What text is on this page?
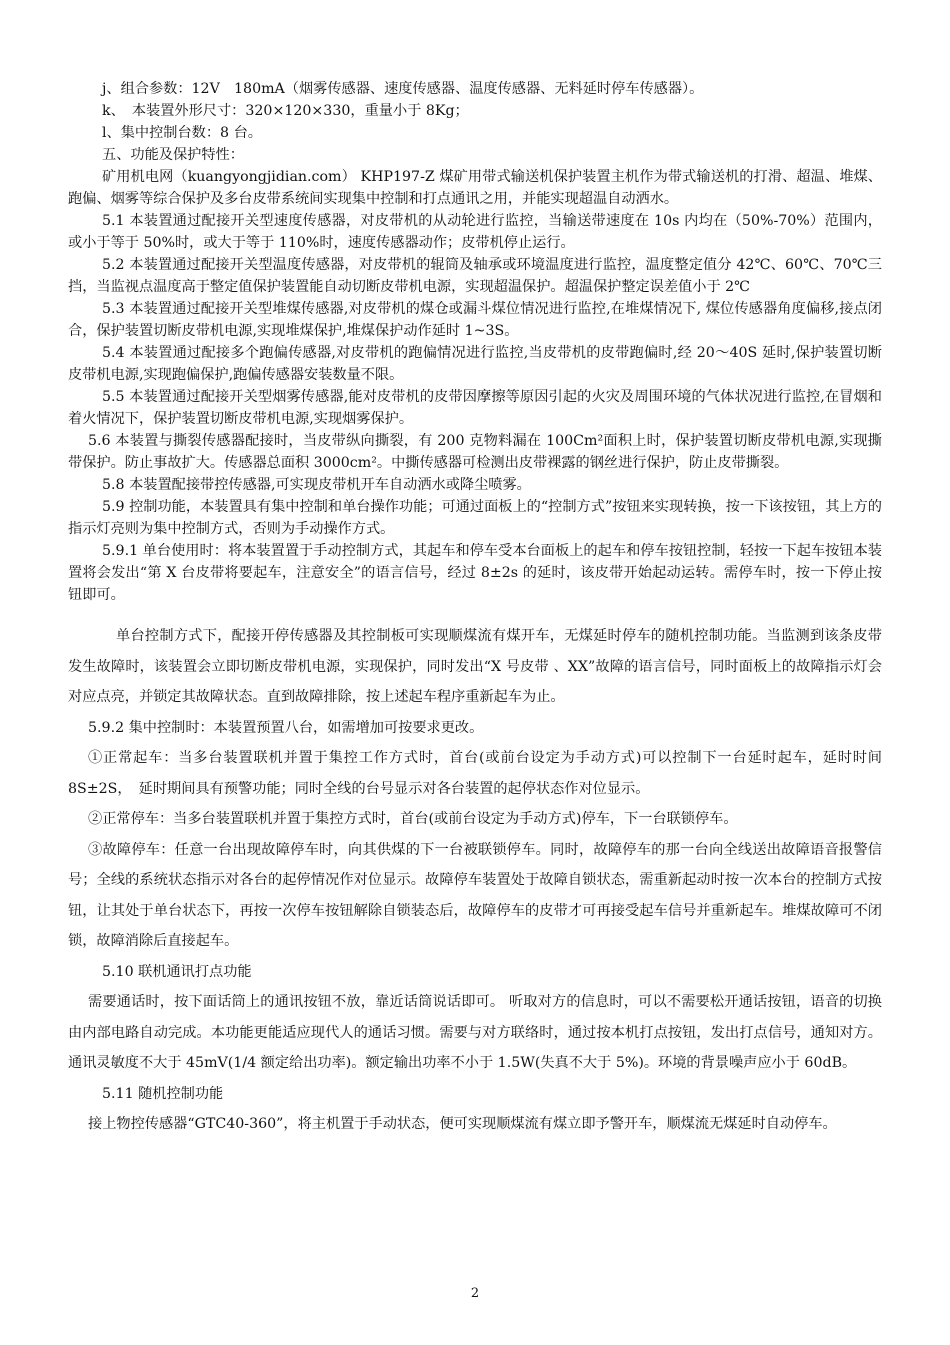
j、组合参数：12V　180mA（烟雾传感器、速度传感器、温度传感器、无料延时停车传感器）。

k、　本装置外形尺寸：320×120×330，重量小于 8Kg；

l、集中控制台数：8 台。

五、功能及保护特性：

矿用机电网（kuangyongjidian.com） KHP197-Z 煤矿用带式输送机保护装置主机作为带式输送机的打滑、超温、堆煤、跑偏、烟雾等综合保护及多台皮带系统间实现集中控制和打点通讯之用，并能实现超温自动洒水。

5.1 本装置通过配接开关型速度传感器，对皮带机的从动轮进行监控，当输送带速度在 10s 内均在（50%-70%）范围内，或小于等于 50%时，或大于等于 110%时，速度传感器动作；皮带机停止运行。

5.2 本装置通过配接开关型温度传感器，对皮带机的辊筒及轴承或环境温度进行监控，温度整定值分 42℃、60℃、70℃三挡，当监视点温度高于整定值保护装置能自动切断皮带机电源，实现超温保护。超温保护整定误差值小于 2℃

5.3 本装置通过配接开关型堆煤传感器,对皮带机的煤仓或漏斗煤位情况进行监控,在堆煤情况下, 煤位传感器角度偏移,接点闭合，保护装置切断皮带机电源,实现堆煤保护,堆煤保护动作延时 1~3S。

5.4 本装置通过配接多个跑偏传感器,对皮带机的跑偏情况进行监控,当皮带机的皮带跑偏时,经 20～40S 延时,保护装置切断皮带机电源,实现跑偏保护,跑偏传感器安装数量不限。

5.5 本装置通过配接开关型烟雾传感器,能对皮带机的皮带因摩擦等原因引起的火灾及周围环境的气体状况进行监控,在冒烟和着火情况下，保护装置切断皮带机电源,实现烟雾保护。

5.6 本装置与撕裂传感器配接时，当皮带纵向撕裂，有 200 克物料漏在 100Cm²面积上时，保护装置切断皮带机电源,实现撕带保护。防止事故扩大。传感器总面积 3000cm²。中撕传感器可检测出皮带裸露的钢丝进行保护，防止皮带撕裂。

5.8 本装置配接带控传感器,可实现皮带机开车自动洒水或降尘喷雾。

5.9 控制功能，本装置具有集中控制和单台操作功能；可通过面板上的“控制方式”按钮来实现转换，按一下该按钮，其上方的指示灯亮则为集中控制方式，否则为手动操作方式。

5.9.1 单台使用时：将本装置置于手动控制方式，其起车和停车受本台面板上的起车和停车按钮控制，轻按一下起车按钮本装置将会发出“第 X 台皮带将要起车，注意安全”的语言信号，经过 8±2s 的延时，该皮带开始起动运转。需停车时，按一下停止按钮即可。

单台控制方式下，配接开停传感器及其控制板可实现顺煤流有煤开车，无煤延时停车的随机控制功能。当监测到该条皮带发生故障时，该装置会立即切断皮带机电源，实现保护，同时发出“X 号皮带 、XX”故障的语言信号，同时面板上的故障指示灯会对应点亮，并锁定其故障状态。直到故障排除，按上述起车程序重新起车为止。

5.9.2 集中控制时：本装置预置八台，如需增加可按要求更改。

①正常起车：当多台装置联机并置于集控工作方式时，首台(或前台设定为手动方式)可以控制下一台延时起车，延时时间 8S±2S，　延时期间具有预警功能；同时全线的台号显示对各台装置的起停状态作对位显示。

②正常停车：当多台装置联机并置于集控方式时，首台(或前台设定为手动方式)停车，下一台联锁停车。

③故障停车：任意一台出现故障停车时，向其供煤的下一台被联锁停车。同时，故障停车的那一台向全线送出故障语音报警信号；全线的系统状态指示对各台的起停情况作对位显示。故障停车装置处于故障自锁状态，需重新起动时按一次本台的控制方式按钮，让其处于单台状态下，再按一次停车按钮解除自锁装态后，故障停车的皮带才可再接受起车信号并重新起车。堆煤故障可不闭锁，故障消除后直接起车。

5.10 联机通讯打点功能

需要通话时，按下面话筒上的通讯按钮不放，靠近话筒说话即可。 听取对方的信息时，可以不需要松开通话按钮，语音的切换由内部电路自动完成。本功能更能适应现代人的通话习惯。需要与对方联络时，通过按本机打点按钮，发出打点信号，通知对方。通讯灵敏度不大于 45mV(1/4 额定给出功率)。额定输出功率不小于 1.5W(失真不大于 5%)。环境的背景噪声应小于 60dB。

5.11 随机控制功能

接上物控传感器“GTC40-360”，将主机置于手动状态，便可实现顺煤流有煤立即予警开车，顺煤流无煤延时自动停车。

2
